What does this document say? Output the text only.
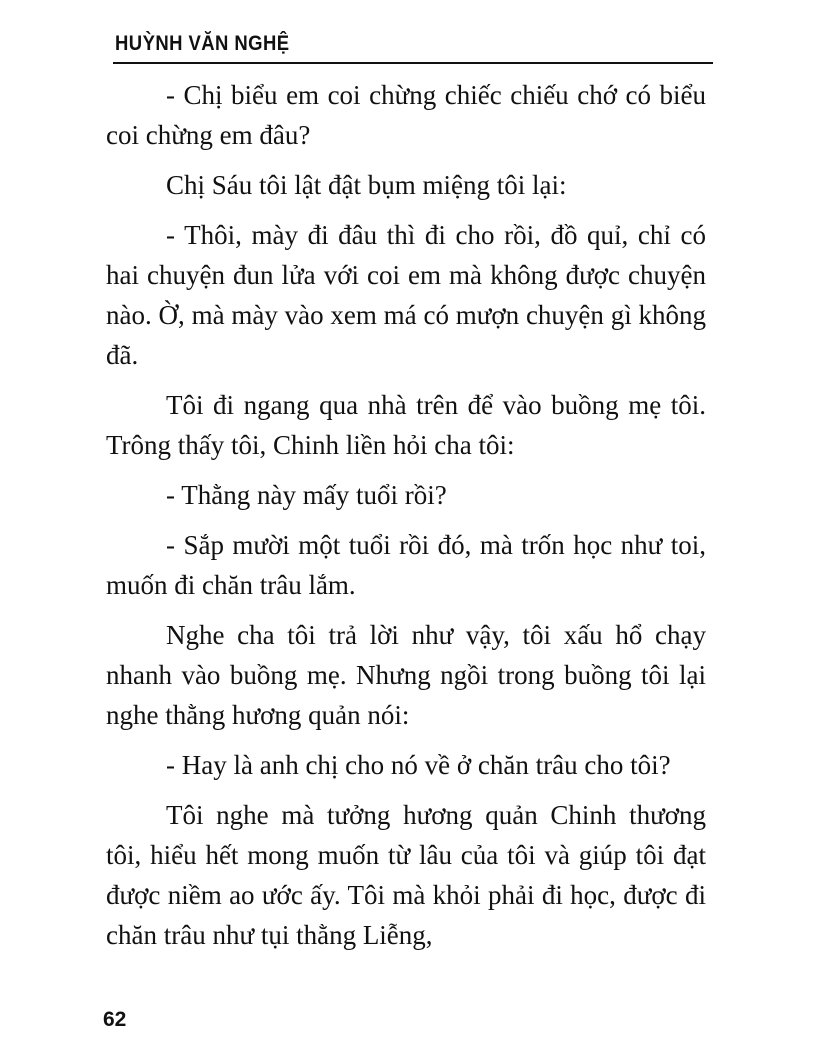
HUỲNH VĂN NGHỆ

- Chị biểu em coi chừng chiếc chiếu chớ có biểu coi chừng em đâu?

Chị Sáu tôi lật đật bụm miệng tôi lại:

- Thôi, mày đi đâu thì đi cho rồi, đồ quỉ, chỉ có hai chuyện đun lửa với coi em mà không được chuyện nào. Ờ, mà mày vào xem má có mượn chuyện gì không đã.

Tôi đi ngang qua nhà trên để vào buồng mẹ tôi. Trông thấy tôi, Chinh liền hỏi cha tôi:

- Thằng này mấy tuổi rồi?

- Sắp mười một tuổi rồi đó, mà trốn học như toi, muốn đi chăn trâu lắm.

Nghe cha tôi trả lời như vậy, tôi xấu hổ chạy nhanh vào buồng mẹ. Nhưng ngồi trong buồng tôi lại nghe thằng hương quản nói:

- Hay là anh chị cho nó về ở chăn trâu cho tôi?

Tôi nghe mà tưởng hương quản Chinh thương tôi, hiểu hết mong muốn từ lâu của tôi và giúp tôi đạt được niềm ao ước ấy. Tôi mà khỏi phải đi học, được đi chăn trâu như tụi thằng Liễng,

62
